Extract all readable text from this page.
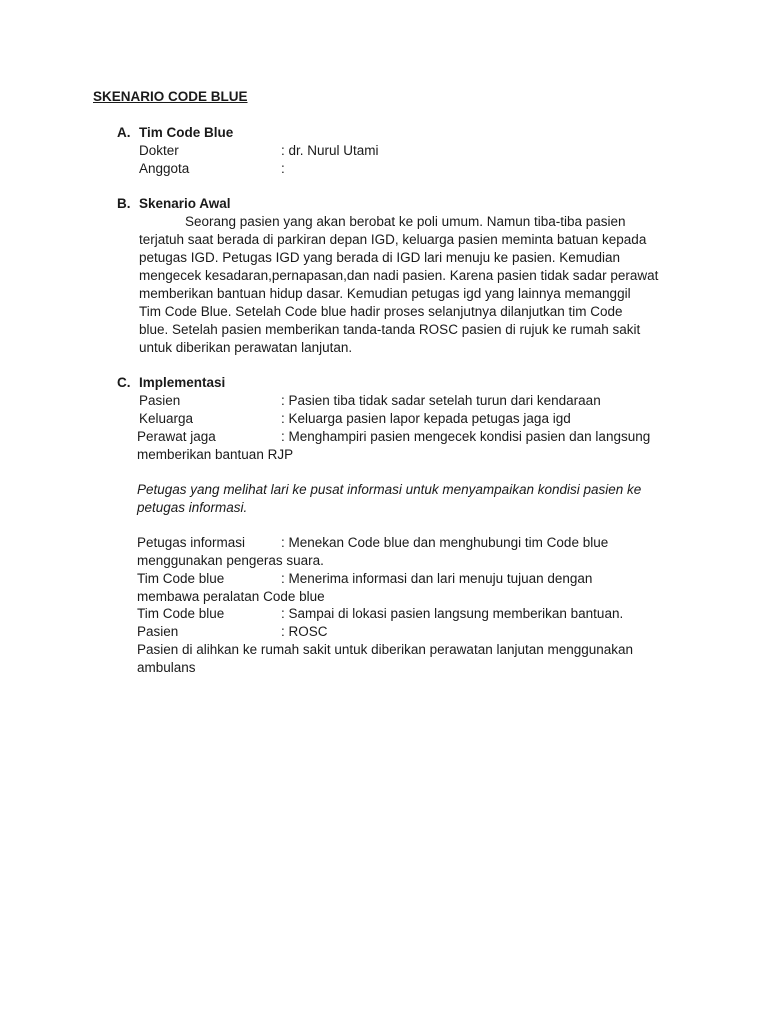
SKENARIO CODE BLUE
A. Tim Code Blue
Dokter	: dr. Nurul Utami
Anggota	:
B. Skenario Awal
Seorang pasien yang akan berobat ke poli umum. Namun tiba-tiba pasien
terjatuh saat berada di parkiran depan IGD, keluarga pasien meminta batuan kepada
petugas IGD. Petugas IGD yang berada di IGD lari menuju ke pasien. Kemudian
mengecek kesadaran,pernapasan,dan nadi pasien. Karena pasien tidak sadar perawat
memberikan bantuan hidup dasar. Kemudian petugas igd yang lainnya memanggil
Tim Code Blue. Setelah Code blue hadir proses selanjutnya dilanjutkan tim Code
blue. Setelah pasien memberikan tanda-tanda ROSC pasien di rujuk ke rumah sakit
untuk diberikan perawatan lanjutan.
C. Implementasi
Pasien	: Pasien tiba tidak sadar setelah turun dari kendaraan
Keluarga	: Keluarga pasien lapor kepada petugas jaga igd
Perawat jaga	: Menghampiri pasien mengecek kondisi pasien dan langsung
memberikan bantuan RJP
Petugas yang melihat lari ke pusat informasi untuk menyampaikan kondisi pasien ke
petugas informasi.
Petugas informasi	: Menekan Code blue dan menghubungi tim Code blue
menggunakan pengeras suara.
Tim Code blue	: Menerima informasi dan lari menuju tujuan dengan
membawa peralatan Code blue
Tim Code blue	: Sampai di lokasi pasien langsung memberikan bantuan.
Pasien	: ROSC
Pasien di alihkan ke rumah sakit untuk diberikan perawatan lanjutan menggunakan
ambulans
